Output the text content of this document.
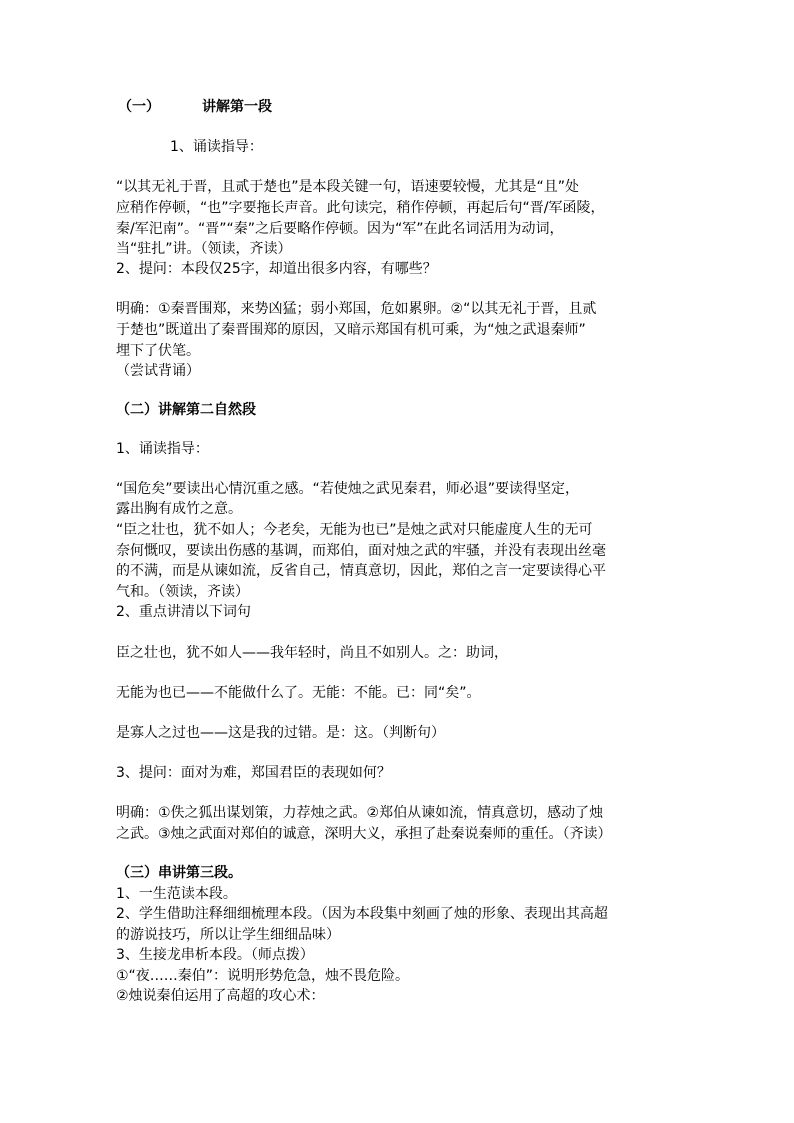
（一）	讲解第一段

1、诵读指导：

“以其无礼于晋，且贰于楚也”是本段关键一句，语速要较慢，尤其是“且”处

应稍作停顿，“也”字要拖长声音。此句读完，稍作停顿，再起后句“晋/军函陵，

秦/军汜南”。“晋”“秦”之后要略作停顿。因为“军”在此名词活用为动词，

当“驻扎”讲。（领读，齐读）

2、提问：本段仅25字，却道出很多内容，有哪些？

明确：①秦晋围郑，来势凶猛；弱小郑国，危如累卵。②“以其无礼于晋，且贰

于楚也”既道出了秦晋围郑的原因，又暗示郑国有机可乘，为“烛之武退秦师”

埋下了伏笔。

（尝试背诵）

（二）讲解第二自然段

1、诵读指导：

“国危矣”要读出心情沉重之感。“若使烛之武见秦君，师必退”要读得坚定，

露出胸有成竹之意。

“臣之壮也，犹不如人；今老矣，无能为也已”是烛之武对只能虚度人生的无可

奈何慨叹，要读出伤感的基调，而郑伯，面对烛之武的牢骚，并没有表现出丝毫

的不满，而是从谏如流，反省自己，情真意切，因此，郑伯之言一定要读得心平

气和。（领读，齐读）

2、重点讲清以下词句

臣之壮也，犹不如人——我年轻时，尚且不如别人。之：助词，

无能为也已——不能做什么了。无能：不能。已：同“矣”。

是寡人之过也——这是我的过错。是：这。（判断句）

3、提问：面对为难，郑国君臣的表现如何？

明确：①佚之狐出谋划策，力荐烛之武。②郑伯从谏如流，情真意切，感动了烛

之武。③烛之武面对郑伯的诚意，深明大义，承担了赴秦说秦师的重任。（齐读）

（三）串讲第三段。

1、一生范读本段。

2、学生借助注释细细梳理本段。（因为本段集中刻画了烛的形象、表现出其高超

的游说技巧，所以让学生细细品味）

3、生接龙串析本段。（师点拨）

①“夜……秦伯”：说明形势危急，烛不畏危险。

②烛说秦伯运用了高超的攻心术：
